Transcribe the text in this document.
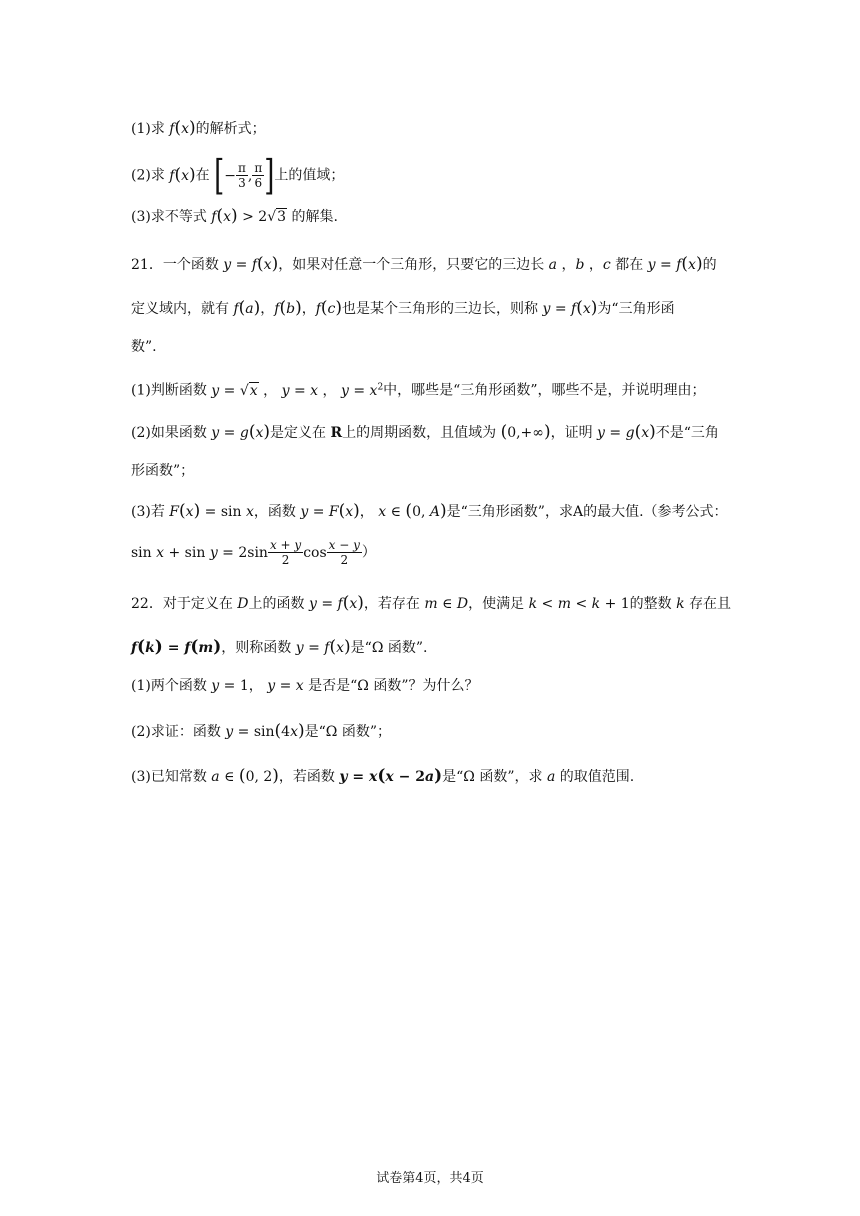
(1)求 f(x)的解析式；
(2)求 f(x)在 [− $\frac{\pi}{3}$ , $\frac{\pi}{6}$ ]上的值域；
(3)求不等式 f(x) > 2√3 的解集.
21．一个函数 y = f(x)，如果对任意一个三角形，只要它的三边长 a ，b ，c 都在 y = f(x)的
定义域内，就有 f(a)，f(b)，f(c)也是某个三角形的三边长，则称 y = f(x)为“三角形函
数”.
(1)判断函数 y = √x ， y = x ， $y = x^2$中，哪些是“三角形函数”，哪些不是，并说明理由；
(2)如果函数 y = g(x)是定义在 R上的周期函数，且值域为 (0,+∞)，证明 y = g(x)不是“三角
形函数”；
(3)若 F(x) = sin x，函数 y = F(x)， x ∈ (0, A)是“三角形函数”，求A的最大值.（参考公式：
$\sin x + \sin y = 2\sin \frac{x + y}{2}$ $\cos \frac{x - y}{2}$ ）
22．对于定义在 D上的函数 y = f(x)，若存在 m ∈ D，使满足 k < m < k + 1的整数 k 存在且
f(k) = f(m)，则称函数 y = f(x)是“Ω 函数”.
(1)两个函数 y = 1， y = x 是否是“Ω 函数”？为什么？
(2)求证：函数 y = sin(4x)是“Ω 函数”；
(3)已知常数 a ∈ (0, 2)，若函数 y = x(x − 2a)是“Ω 函数”，求 a 的取值范围.
试卷第4页，共4页
